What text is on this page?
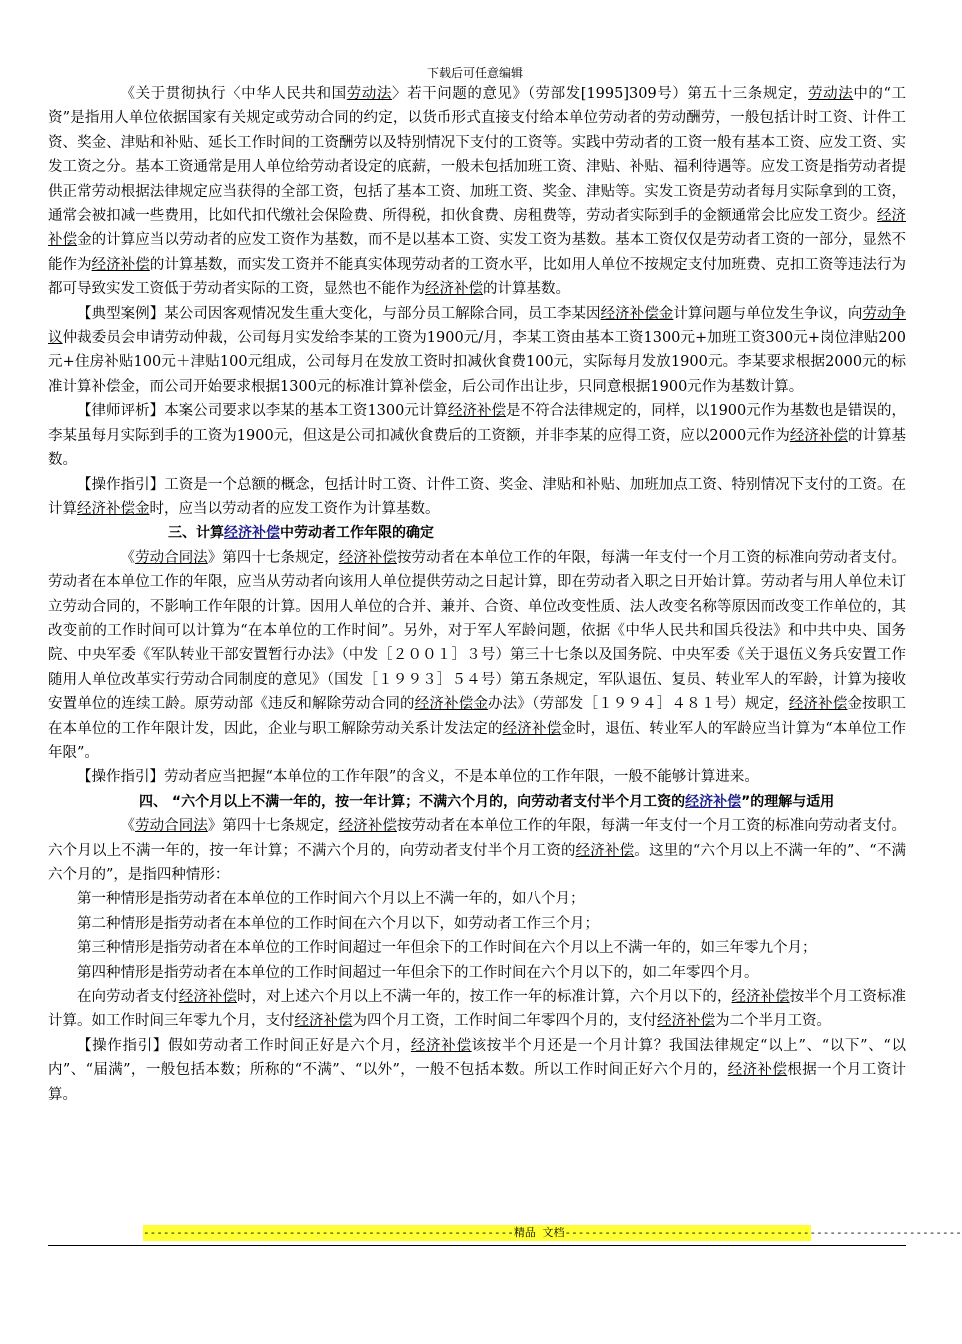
下载后可任意编辑

《关于贯彻执行〈中华人民共和国劳动法〉若干问题的意见》（劳部发[1995]309号）第五十三条规定，劳动法中的“工资”是指用人单位依据国家有关规定或劳动合同的约定，以货币形式直接支付给本单位劳动者的劳动酬劳，一般包括计时工资、计件工资、奖金、津贴和补贴、延长工作时间的工资酬劳以及特别情况下支付的工资等。实践中劳动者的工资一般有基本工资、应发工资、实发工资之分。基本工资通常是用人单位给劳动者设定的底薪，一般未包括加班工资、津贴、补贴、福利待遇等。应发工资是指劳动者提供正常劳动根据法律规定应当获得的全部工资，包括了基本工资、加班工资、奖金、津贴等。实发工资是劳动者每月实际拿到的工资，通常会被扣减一些费用，比如代扣代缴社会保险费、所得税，扣伙食费、房租费等，劳动者实际到手的金额通常会比应发工资少。经济补偿金的计算应当以劳动者的应发工资作为基数，而不是以基本工资、实发工资为基数。基本工资仅仅是劳动者工资的一部分，显然不能作为经济补偿的计算基数，而实发工资并不能真实体现劳动者的工资水平，比如用人单位不按规定支付加班费、克扣工资等违法行为都可导致实发工资低于劳动者实际的工资，显然也不能作为经济补偿的计算基数。

【典型案例】某公司因客观情况发生重大变化，与部分员工解除合同，员工李某因经济补偿金计算问题与单位发生争议，向劳动争议仲裁委员会申请劳动仲裁，公司每月实发给李某的工资为1900元/月，李某工资由基本工资1300元+加班工资300元+岗位津贴200元+住房补贴100元＋津贴100元组成，公司每月在发放工资时扣减伙食费100元，实际每月发放1900元。李某要求根据2000元的标准计算补偿金，而公司开始要求根据1300元的标准计算补偿金，后公司作出让步，只同意根据1900元作为基数计算。

【律师评析】本案公司要求以李某的基本工资1300元计算经济补偿是不符合法律规定的，同样，以1900元作为基数也是错误的，李某虽每月实际到手的工资为1900元，但这是公司扣减伙食费后的工资额，并非李某的应得工资，应以2000元作为经济补偿的计算基数。

【操作指引】工资是一个总额的概念，包括计时工资、计件工资、奖金、津贴和补贴、加班加点工资、特别情况下支付的工资。在计算经济补偿金时，应当以劳动者的应发工资作为计算基数。

三、计算经济补偿中劳动者工作年限的确定

《劳动合同法》第四十七条规定，经济补偿按劳动者在本单位工作的年限，每满一年支付一个月工资的标准向劳动者支付。劳动者在本单位工作的年限，应当从劳动者向该用人单位提供劳动之日起计算，即在劳动者入职之日开始计算。劳动者与用人单位未订立劳动合同的，不影响工作年限的计算。因用人单位的合并、兼并、合资、单位改变性质、法人改变名称等原因而改变工作单位的，其改变前的工作时间可以计算为“在本单位的工作时间”。另外，对于军人军龄问题，依据《中华人民共和国兵役法》和中共中央、国务院、中央军委《军队转业干部安置暂行办法》（中发［２００１］３号）第三十七条以及国务院、中央军委《关于退伍义务兵安置工作随用人单位改革实行劳动合同制度的意见》（国发［１９９３］５４号）第五条规定，军队退伍、复员、转业军人的军龄，计算为接收安置单位的连续工龄。原劳动部《违反和解除劳动合同的经济补偿金办法》（劳部发［１９９４］４８１号）规定，经济补偿金按职工在本单位的工作年限计发，因此，企业与职工解除劳动关系计发法定的经济补偿金时，退伍、转业军人的军龄应当计算为“本单位工作年限”。

【操作指引】劳动者应当把握“本单位的工作年限”的含义，不是本单位的工作年限，一般不能够计算进来。

四、 “六个月以上不满一年的，按一年计算；不满六个月的，向劳动者支付半个月工资的经济补偿”的理解与适用

《劳动合同法》第四十七条规定，经济补偿按劳动者在本单位工作的年限，每满一年支付一个月工资的标准向劳动者支付。六个月以上不满一年的，按一年计算；不满六个月的，向劳动者支付半个月工资的经济补偿。这里的“六个月以上不满一年的”、“不满六个月的”，是指四种情形：

第一种情形是指劳动者在本单位的工作时间六个月以上不满一年的，如八个月；

第二种情形是指劳动者在本单位的工作时间在六个月以下，如劳动者工作三个月；

第三种情形是指劳动者在本单位的工作时间超过一年但余下的工作时间在六个月以上不满一年的，如三年零九个月；

第四种情形是指劳动者在本单位的工作时间超过一年但余下的工作时间在六个月以下的，如二年零四个月。

在向劳动者支付经济补偿时，对上述六个月以上不满一年的，按工作一年的标准计算，六个月以下的，经济补偿按半个月工资标准计算。如工作时间三年零九个月，支付经济补偿为四个月工资，工作时间二年零四个月的，支付经济补偿为二个半月工资。

【操作指引】假如劳动者工作时间正好是六个月，经济补偿该按半个月还是一个月计算？我国法律规定“以上”、“以下”、“以内”、“届满”，一般包括本数；所称的“不满”、“以外”，一般不包括本数。所以工作时间正好六个月的，经济补偿根据一个月工资计算。

--------------------------------------------------------精品 文档------------------------------------------------------------
